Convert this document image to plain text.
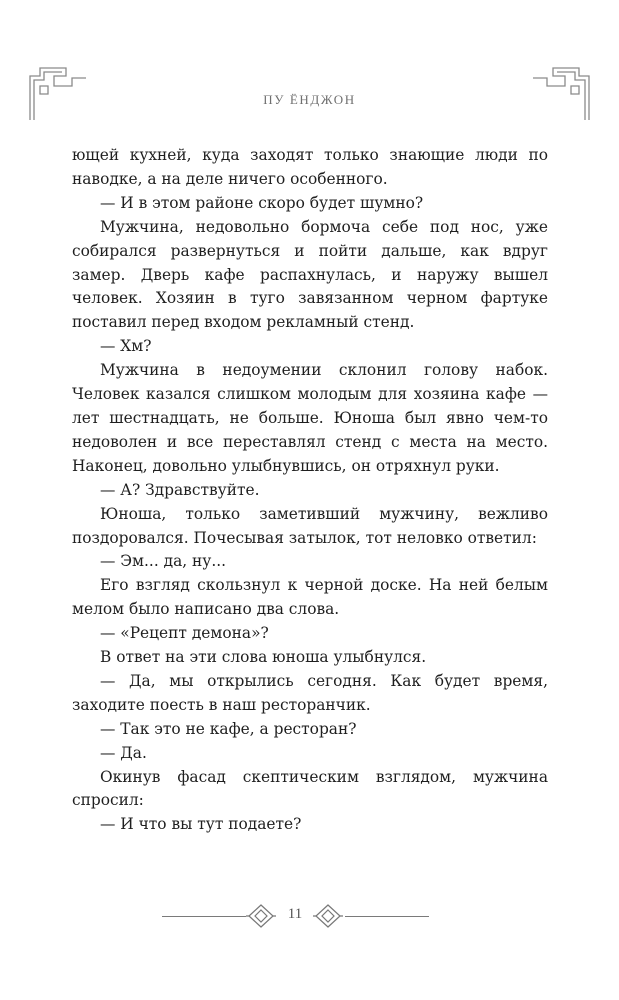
ПУ ЁНДЖОН

ющей кухней, куда заходят только знающие люди по наводке, а на деле ничего особенного.

— И в этом районе скоро будет шумно?

Мужчина, недовольно бормоча себе под нос, уже собирался развернуться и пойти дальше, как вдруг замер. Дверь кафе распахнулась, и наружу вышел человек. Хозяин в туго завязанном черном фартуке поставил перед входом рекламный стенд.

— Хм?

Мужчина в недоумении склонил голову набок. Человек казался слишком молодым для хозяина кафе — лет шестнадцать, не больше. Юноша был явно чем-то недоволен и все переставлял стенд с места на место. Наконец, довольно улыбнувшись, он отряхнул руки.

— А? Здравствуйте.

Юноша, только заметивший мужчину, вежливо поздоровался. Почесывая затылок, тот неловко ответил:

— Эм... да, ну...

Его взгляд скользнул к черной доске. На ней белым мелом было написано два слова.

— «Рецепт демона»?

В ответ на эти слова юноша улыбнулся.

— Да, мы открылись сегодня. Как будет время, заходите поесть в наш ресторанчик.

— Так это не кафе, а ресторан?

— Да.

Окинув фасад скептическим взглядом, мужчина спросил:

— И что вы тут подаете?

11
